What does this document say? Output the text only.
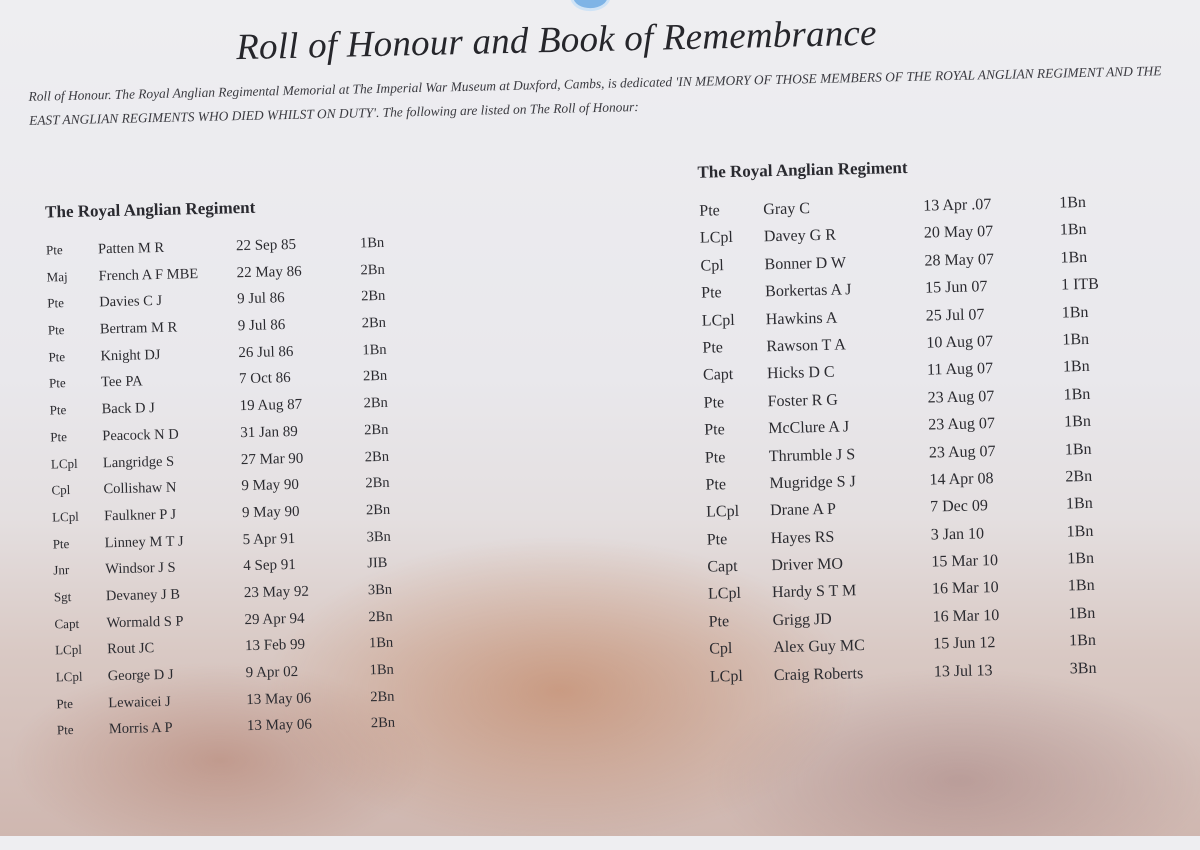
Roll of Honour and Book of Remembrance
Roll of Honour. The Royal Anglian Regimental Memorial at The Imperial War Museum at Duxford, Cambs, is dedicated 'IN MEMORY OF THOSE MEMBERS OF THE ROYAL ANGLIAN REGIMENT AND THE EAST ANGLIAN REGIMENTS WHO DIED WHILST ON DUTY'. The following are listed on The Roll of Honour:
The Royal Anglian Regiment
Pte	Patten M R	22 Sep 85	1Bn
Maj	French A F MBE	22 May 86	2Bn
Pte	Davies C J	9 Jul 86	2Bn
Pte	Bertram M R	9 Jul 86	2Bn
Pte	Knight DJ	26 Jul 86	1Bn
Pte	Tee PA	7 Oct 86	2Bn
Pte	Back D J	19 Aug 87	2Bn
Pte	Peacock N D	31 Jan 89	2Bn
LCpl	Langridge S	27 Mar 90	2Bn
Cpl	Collishaw N	9 May 90	2Bn
LCpl	Faulkner P J	9 May 90	2Bn
Pte	Linney M T J	5 Apr 91	3Bn
Jnr	Windsor J S	4 Sep 91	JIB
Sgt	Devaney J B	23 May 92	3Bn
Capt	Wormald S P	29 Apr 94	2Bn
LCpl	Rout JC	13 Feb 99	1Bn
LCpl	George D J	9 Apr 02	1Bn
Pte	Lewaicei J	13 May 06	2Bn
Pte	Morris A P	13 May 06	2Bn
The Royal Anglian Regiment
Pte	Gray C	13 Apr .07	1Bn
LCpl	Davey G R	20 May 07	1Bn
Cpl	Bonner D W	28 May 07	1Bn
Pte	Borkertas A J	15 Jun 07	1 ITB
LCpl	Hawkins A	25 Jul 07	1Bn
Pte	Rawson T A	10 Aug 07	1Bn
Capt	Hicks D C	11 Aug 07	1Bn
Pte	Foster R G	23 Aug 07	1Bn
Pte	McClure A J	23 Aug 07	1Bn
Pte	Thrumble J S	23 Aug 07	1Bn
Pte	Mugridge S J	14 Apr 08	2Bn
LCpl	Drane A P	7 Dec 09	1Bn
Pte	Hayes RS	3 Jan 10	1Bn
Capt	Driver MO	15 Mar 10	1Bn
LCpl	Hardy S T M	16 Mar 10	1Bn
Pte	Grigg JD	16 Mar 10	1Bn
Cpl	Alex Guy MC	15 Jun 12	1Bn
LCpl	Craig Roberts	13 Jul 13	3Bn
